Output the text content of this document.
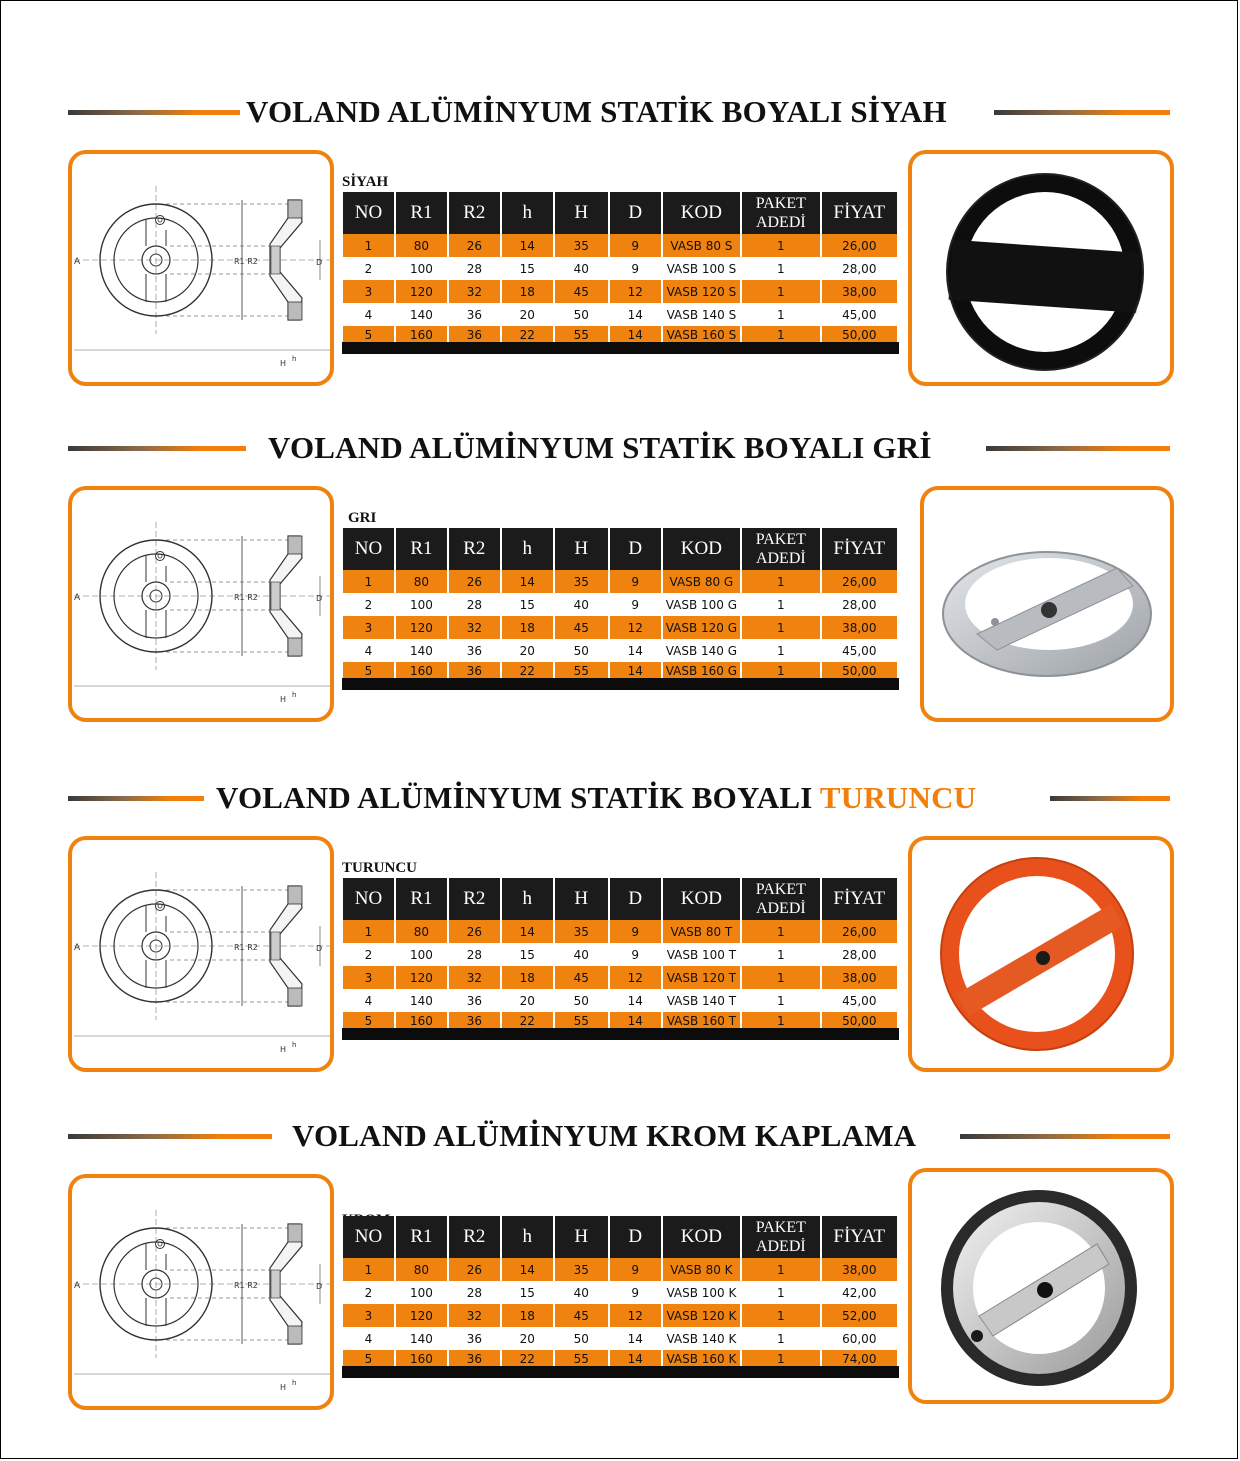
VOLAND ALÜMİNYUM STATİK BOYALI SİYAH
A	R1 R2	D
H h
SİYAH
NO	R1	R2	h	H	D	KOD	PAKET ADEDİ	FİYAT
1	80	26	14	35	9	VASB 80 S	1	26,00
2	100	28	15	40	9	VASB 100 S	1	28,00
3	120	32	18	45	12	VASB 120 S	1	38,00
4	140	36	20	50	14	VASB 140 S	1	45,00
5	160	36	22	55	14	VASB 160 S	1	50,00
VOLAND ALÜMİNYUM STATİK BOYALI GRİ
A	R1 R2	D
H h
GRI
NO	R1	R2	h	H	D	KOD	PAKET ADEDİ	FİYAT
1	80	26	14	35	9	VASB 80 G	1	26,00
2	100	28	15	40	9	VASB 100 G	1	28,00
3	120	32	18	45	12	VASB 120 G	1	38,00
4	140	36	20	50	14	VASB 140 G	1	45,00
5	160	36	22	55	14	VASB 160 G	1	50,00
VOLAND ALÜMİNYUM STATİK BOYALI TURUNCU
A	R1 R2	D
H h
TURUNCU
NO	R1	R2	h	H	D	KOD	PAKET ADEDİ	FİYAT
1	80	26	14	35	9	VASB 80 T	1	26,00
2	100	28	15	40	9	VASB 100 T	1	28,00
3	120	32	18	45	12	VASB 120 T	1	38,00
4	140	36	20	50	14	VASB 140 T	1	45,00
5	160	36	22	55	14	VASB 160 T	1	50,00
VOLAND ALÜMİNYUM KROM KAPLAMA
A	R1 R2	D
H h
NO	R1	R2	h	H	D	KOD	PAKET ADEDİ	FİYAT
1	80	26	14	35	9	VASB 80 K	1	38,00
2	100	28	15	40	9	VASB 100 K	1	42,00
3	120	32	18	45	12	VASB 120 K	1	52,00
4	140	36	20	50	14	VASB 140 K	1	60,00
5	160	36	22	55	14	VASB 160 K	1	74,00
